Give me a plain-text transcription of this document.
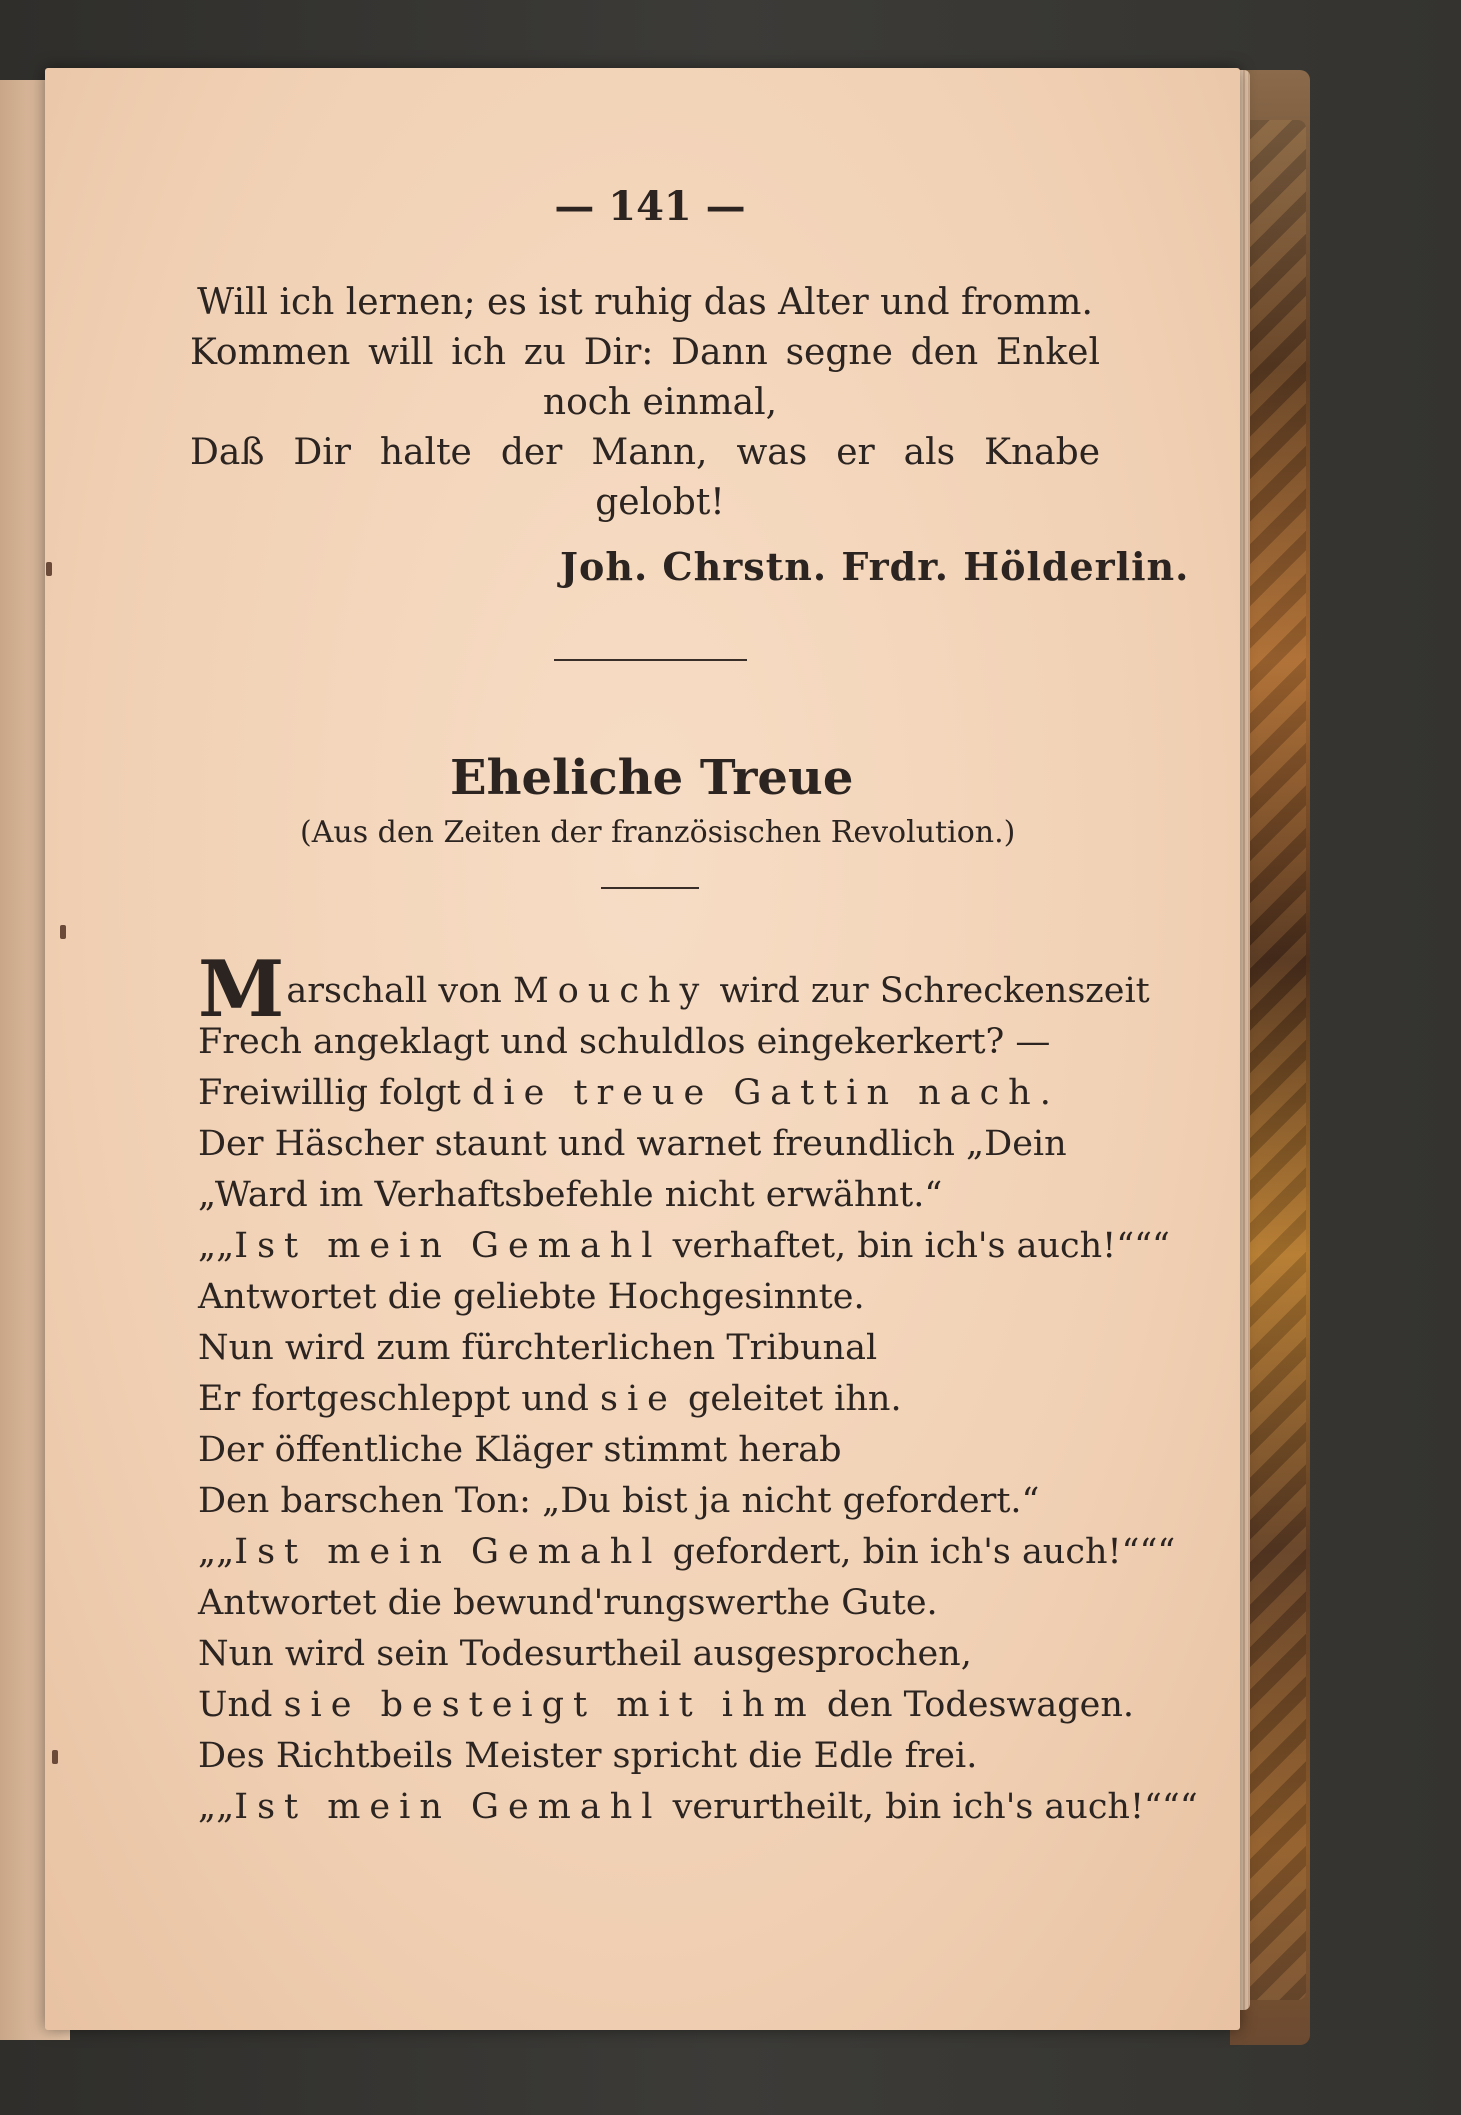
— 141 —
Will ich lernen; es ist ruhig das Alter und fromm.
Kommen will ich zu Dir: Dann segne den Enkel
noch einmal,
Daß Dir halte der Mann, was er als Knabe
gelobt!
Joh. Chrstn. Frdr. Hölderlin.
Eheliche Treue
(Aus den Zeiten der französischen Revolution.)
Marschall von Mouchy wird zur Schreckenszeit
Frech angeklagt und schuldlos eingekerkert? —
Freiwillig folgt die treue Gattin nach.
Der Häscher staunt und warnet freundlich „Dein
„Ward im Verhaftsbefehle nicht erwähnt.“
„„Ist mein Gemahl verhaftet, bin ich's auch!“““
Antwortet die geliebte Hochgesinnte.
Nun wird zum fürchterlichen Tribunal
Er fortgeschleppt und sie geleitet ihn.
Der öffentliche Kläger stimmt herab
Den barschen Ton: „Du bist ja nicht gefordert.“
„„Ist mein Gemahl gefordert, bin ich's auch!“““
Antwortet die bewund'rungswerthe Gute.
Nun wird sein Todesurtheil ausgesprochen,
Und sie besteigt mit ihm den Todeswagen.
Des Richtbeils Meister spricht die Edle frei.
„„Ist mein Gemahl verurtheilt, bin ich's auch!“““
